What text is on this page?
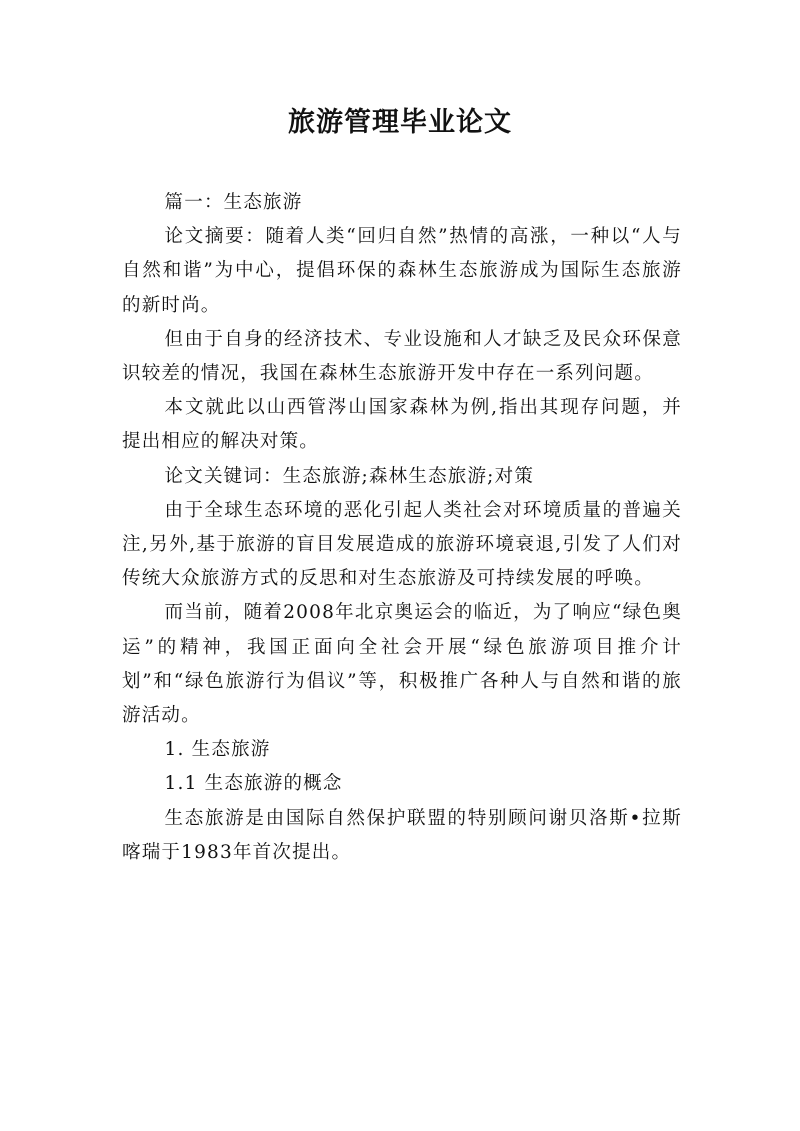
旅游管理毕业论文

篇一：生态旅游

论文摘要：随着人类“回归自然”热情的高涨，一种以“人与自然和谐”为中心，提倡环保的森林生态旅游成为国际生态旅游的新时尚。

但由于自身的经济技术、专业设施和人才缺乏及民众环保意识较差的情况，我国在森林生态旅游开发中存在一系列问题。

本文就此以山西管涔山国家森林为例,指出其现存问题，并提出相应的解决对策。

论文关键词：生态旅游;森林生态旅游;对策

由于全球生态环境的恶化引起人类社会对环境质量的普遍关注,另外,基于旅游的盲目发展造成的旅游环境衰退,引发了人们对传统大众旅游方式的反思和对生态旅游及可持续发展的呼唤。

而当前，随着2008年北京奥运会的临近，为了响应“绿色奥运”的精神，我国正面向全社会开展“绿色旅游项目推介计划”和“绿色旅游行为倡议”等，积极推广各种人与自然和谐的旅游活动。

1. 生态旅游

1.1 生态旅游的概念

生态旅游是由国际自然保护联盟的特别顾问谢贝洛斯•拉斯喀瑞于1983年首次提出。
